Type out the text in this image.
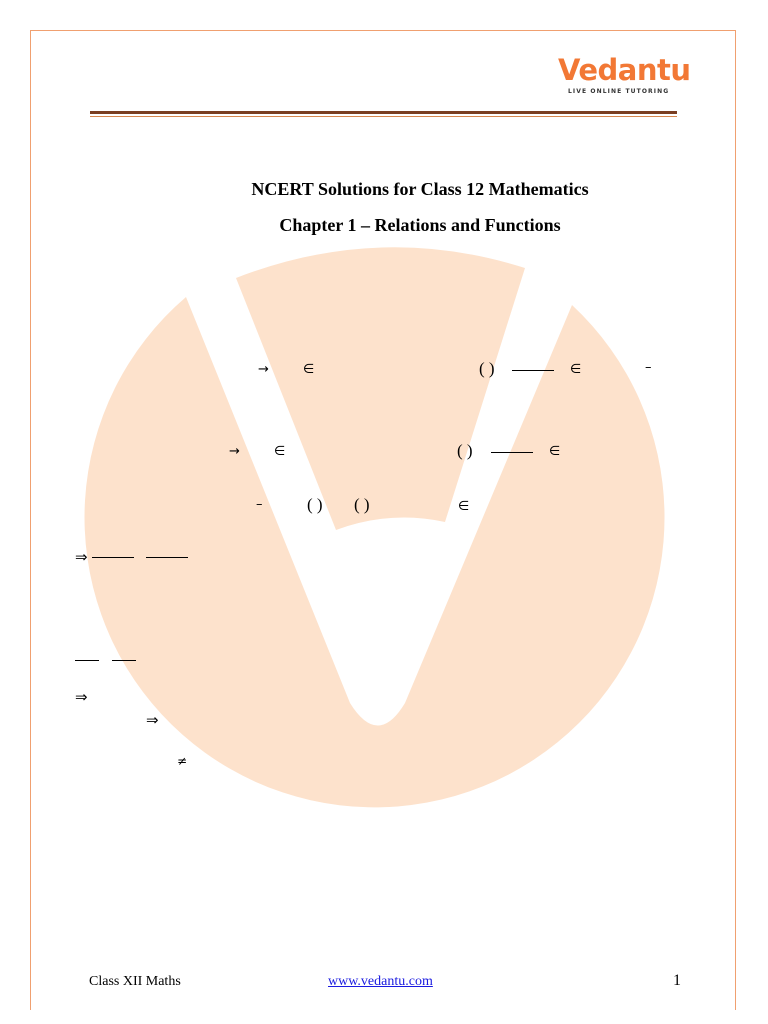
Vedantu
LIVE ONLINE TUTORING
NCERT Solutions for Class 12 Mathematics
Chapter 1 – Relations and Functions
→	∈	( )	∈	–
→	∈	( )	∈
–	( ) ( )	∈
⇒
⇒
⇒
≠
Class XII Maths	www.vedantu.com	1
